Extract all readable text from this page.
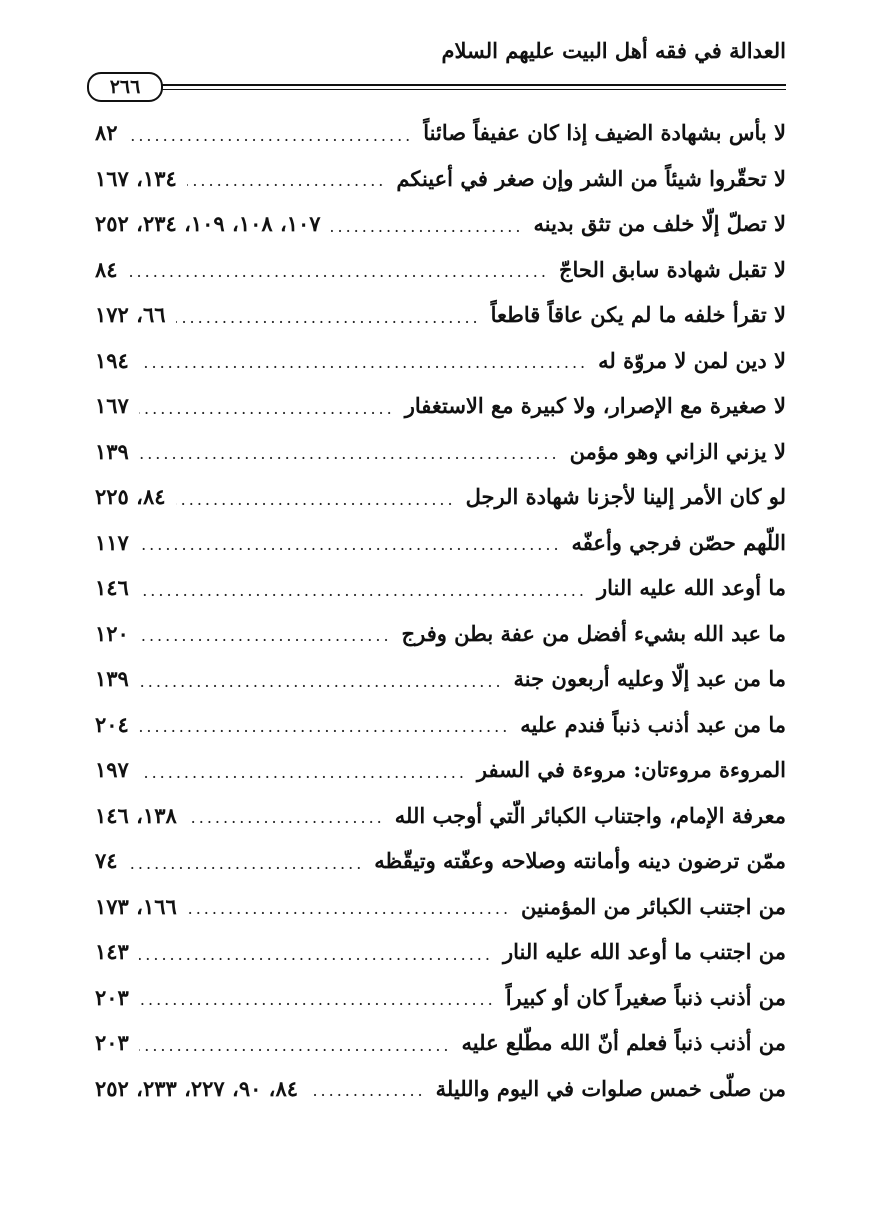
العدالة في فقه أهل البيت عليهم السلام
٢٦٦
لا بأس بشهادة الضيف إذا كان عفيفاً صائناً
.....
٨٢
لا تحقّروا شيئاً من الشر وإن صغر في أعينكم
.....
١٣٤، ١٦٧
لا تصلّ إلّا خلف من تثق بدينه
.....
١٠٧، ١٠٨، ١٠٩، ٢٣٤، ٢٥٢
لا تقبل شهادة سابق الحاجّ
.....
٨٤
لا تقرأ خلفه ما لم يكن عاقاً قاطعاً
.....
٦٦، ١٧٢
لا دين لمن لا مروّة له
.....
١٩٤
لا صغيرة مع الإصرار، ولا كبيرة مع الاستغفار
.....
١٦٧
لا يزني الزاني وهو مؤمن
.....
١٣٩
لو كان الأمر إلينا لأجزنا شهادة الرجل
.....
٨٤، ٢٢٥
اللّهم حصّن فرجي وأعفّه
.....
١١٧
ما أوعد الله عليه النار
.....
١٤٦
ما عبد الله بشيء أفضل من عفة بطن وفرج
.....
١٢٠
ما من عبد إلّا وعليه أربعون جنة
.....
١٣٩
ما من عبد أذنب ذنباً فندم عليه
.....
٢٠٤
المروءة مروءتان: مروءة في السفر
.....
١٩٧
معرفة الإمام، واجتناب الكبائر الّتي أوجب الله
.....
١٣٨، ١٤٦
ممّن ترضون دينه وأمانته وصلاحه وعفّته وتيقّظه
.....
٧٤
من اجتنب الكبائر من المؤمنين
.....
١٦٦، ١٧٣
من اجتنب ما أوعد الله عليه النار
.....
١٤٣
من أذنب ذنباً صغيراً كان أو كبيراً
.....
٢٠٣
من أذنب ذنباً فعلم أنّ الله مطّلع عليه
.....
٢٠٣
من صلّى خمس صلوات في اليوم والليلة
.....
٨٤، ٩٠، ٢٢٧، ٢٣٣، ٢٥٢
